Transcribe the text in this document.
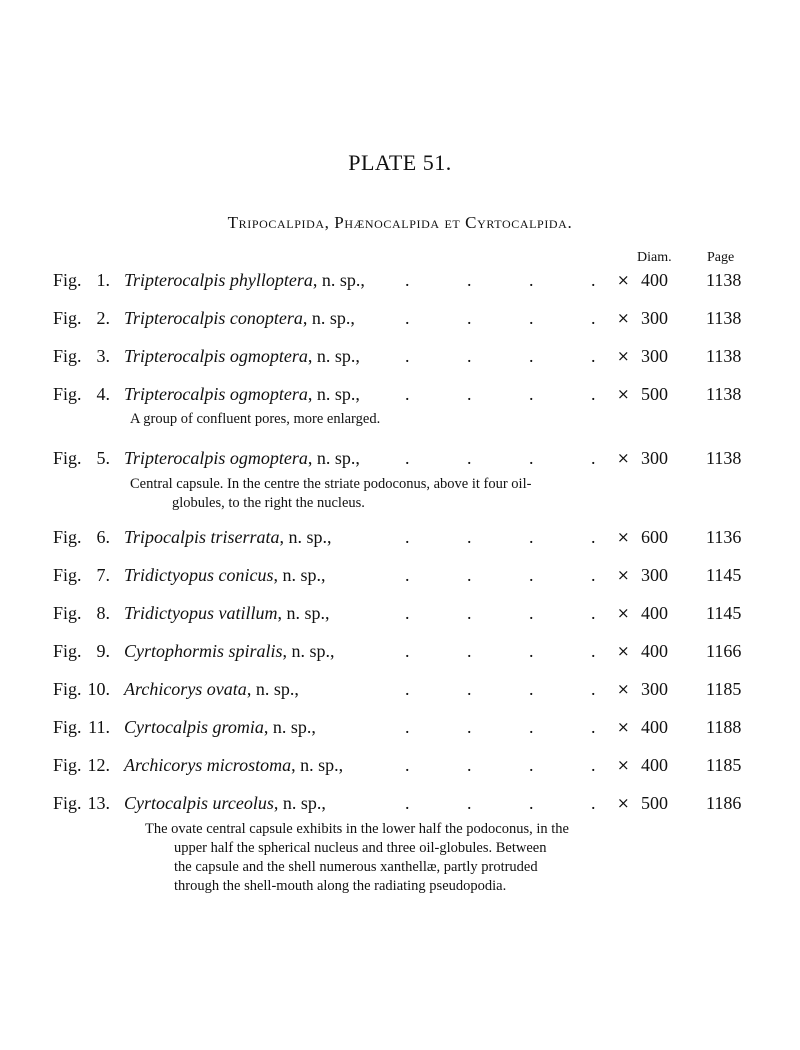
PLATE 51.
Tripocalpida, Phænocalpida et Cyrtocalpida.
Diam.	Page
Fig. 1. Tripterocalpis phylloptera, n. sp., .	.	.	.	× 400 1138
Fig. 2. Tripterocalpis conoptera, n. sp.,	.	.	.	.	× 300 1138
Fig. 3. Tripterocalpis ogmoptera, n. sp.,	.	.	.	.	× 300 1138
Fig. 4. Tripterocalpis ogmoptera, n. sp.,	.	.	.	.	× 500 1138
Fig. 5. Tripterocalpis ogmoptera, n. sp.,	.	.	.	.	× 300 1138
Fig. 6. Tripocalpis triserrata, n. sp.,	.	.	.	.	× 600 1136
Fig. 7. Tridictyopus conicus, n. sp.,	.	.	.	.	× 300 1145
Fig. 8. Tridictyopus vatillum, n. sp.,	.	.	.	.	× 400 1145
Fig. 9. Cyrtophormis spiralis, n. sp.,	.	.	.	.	× 400 1166
Fig. 10. Archicorys ovata, n. sp.,	.	.	.	.	× 300 1185
Fig. 11. Cyrtocalpis gromia, n. sp.,	.	.	.	.	× 400 1188
Fig. 12. Archicorys microstoma, n. sp.,	.	.	.	.	× 400 1185
Fig. 13. Cyrtocalpis urceolus, n. sp.,	.	.	.	.	× 500 1186
A group of confluent pores, more enlarged.
Central capsule. In the centre the striate podoconus, above it four oil-
globules, to the right the nucleus.
The ovate central capsule exhibits in the lower half the podoconus, in the
upper half the spherical nucleus and three oil-globules. Between
the capsule and the shell numerous xanthellæ, partly protruded
through the shell-mouth along the radiating pseudopodia.
